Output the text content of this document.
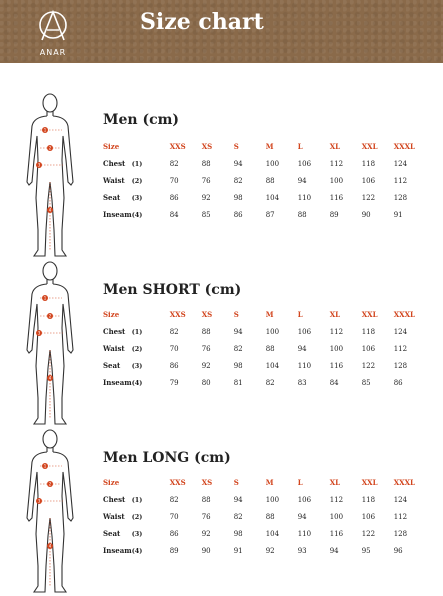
ANAR
Size chart
1
2
3
4
Men (cm)
Size		XXS	XS	S	M	L	XL	XXL	XXXL
Chest	(1)	82	88	94	100	106	112	118	124
Waist	(2)	70	76	82	88	94	100	106	112
Seat	(3)	86	92	98	104	110	116	122	128
Inseam	(4)	84	85	86	87	88	89	90	91
1
2
3
4
Men SHORT (cm)
Size		XXS	XS	S	M	L	XL	XXL	XXXL
Chest	(1)	82	88	94	100	106	112	118	124
Waist	(2)	70	76	82	88	94	100	106	112
Seat	(3)	86	92	98	104	110	116	122	128
Inseam	(4)	79	80	81	82	83	84	85	86
1
2
3
4
Men LONG (cm)
Size		XXS	XS	S	M	L	XL	XXL	XXXL
Chest	(1)	82	88	94	100	106	112	118	124
Waist	(2)	70	76	82	88	94	100	106	112
Seat	(3)	86	92	98	104	110	116	122	128
Inseam	(4)	89	90	91	92	93	94	95	96
